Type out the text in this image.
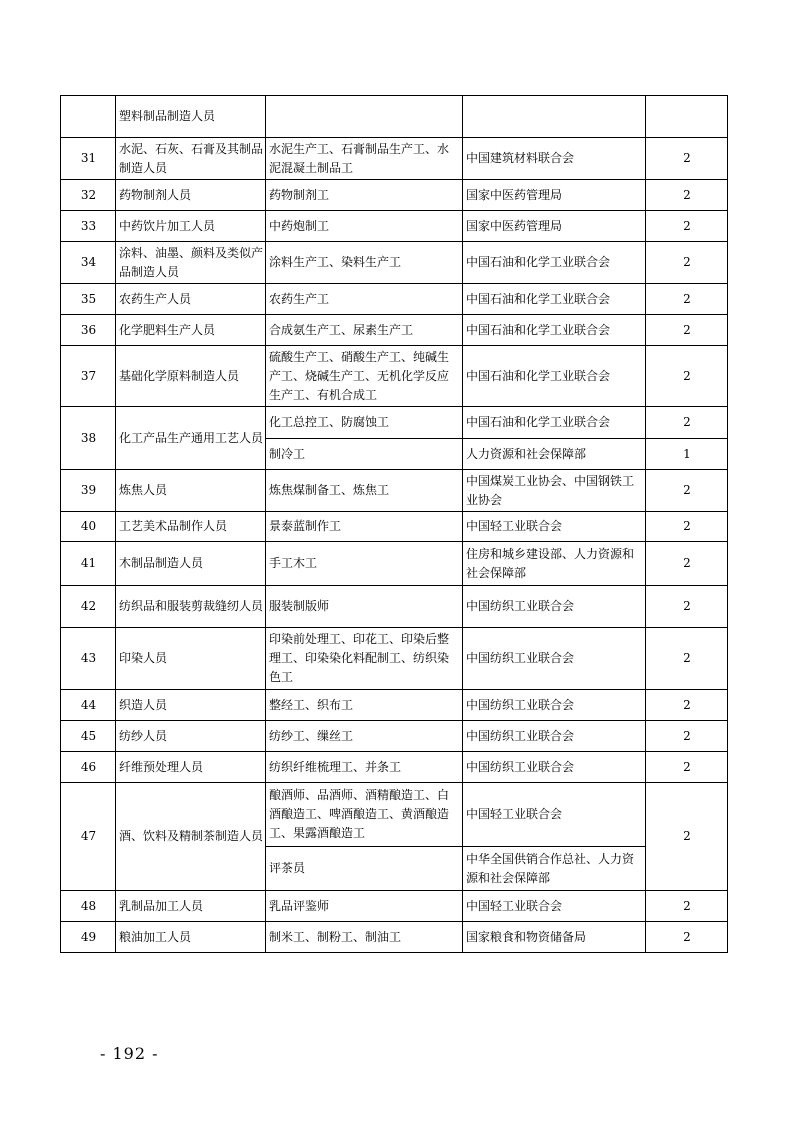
	塑料制品制造人员			
31	水泥、石灰、石膏及其制品制造人员	水泥生产工、石膏制品生产工、水泥混凝土制品工	中国建筑材料联合会	2
32	药物制剂人员	药物制剂工	国家中医药管理局	2
33	中药饮片加工人员	中药炮制工	国家中医药管理局	2
34	涂料、油墨、颜料及类似产品制造人员	涂料生产工、染料生产工	中国石油和化学工业联合会	2
35	农药生产人员	农药生产工	中国石油和化学工业联合会	2
36	化学肥料生产人员	合成氨生产工、尿素生产工	中国石油和化学工业联合会	2
37	基础化学原料制造人员	硫酸生产工、硝酸生产工、纯碱生产工、烧碱生产工、无机化学反应生产工、有机合成工	中国石油和化学工业联合会	2
38	化工产品生产通用工艺人员	化工总控工、防腐蚀工	中国石油和化学工业联合会	2
		制冷工	人力资源和社会保障部	1
39	炼焦人员	炼焦煤制备工、炼焦工	中国煤炭工业协会、中国钢铁工业协会	2
40	工艺美术品制作人员	景泰蓝制作工	中国轻工业联合会	2
41	木制品制造人员	手工木工	住房和城乡建设部、人力资源和社会保障部	2
42	纺织品和服装剪裁缝纫人员	服装制版师	中国纺织工业联合会	2
43	印染人员	印染前处理工、印花工、印染后整理工、印染染化料配制工、纺织染色工	中国纺织工业联合会	2
44	织造人员	整经工、织布工	中国纺织工业联合会	2
45	纺纱人员	纺纱工、缫丝工	中国纺织工业联合会	2
46	纤维预处理人员	纺织纤维梳理工、并条工	中国纺织工业联合会	2
47	酒、饮料及精制茶制造人员	酿酒师、品酒师、酒精酿造工、白酒酿造工、啤酒酿造工、黄酒酿造工、果露酒酿造工	中国轻工业联合会	2
		评茶员	中华全国供销合作总社、人力资源和社会保障部	
48	乳制品加工人员	乳品评鉴师	中国轻工业联合会	2
49	粮油加工人员	制米工、制粉工、制油工	国家粮食和物资储备局	2
- 192 -
